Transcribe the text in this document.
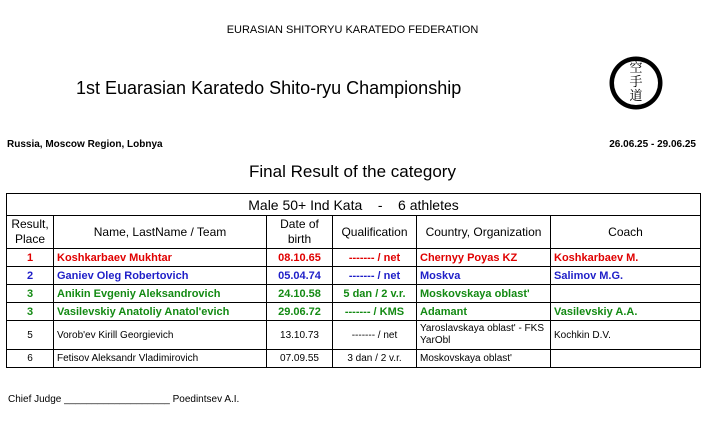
EURASIAN SHITORYU KARATEDO FEDERATION
1st Euarasian Karatedo Shito-ryu Championship
空
手
道
Russia, Moscow Region, Lobnya	26.06.25 - 29.06.25
Final Result of the category
Male 50+ Ind Kata    -    6 athletes					
Result, Place	Name, LastName / Team	Date of birth	Qualification	Country, Organization	Coach
1	Koshkarbaev Mukhtar	08.10.65	------- / net	Chernyy Poyas KZ	Koshkarbaev M.
2	Ganiev Oleg Robertovich	05.04.74	------- / net	Moskva	Salimov M.G.
3	Anikin Evgeniy Aleksandrovich	24.10.58	5 dan / 2 v.r.	Moskovskaya oblast'	
3	Vasilevskiy Anatoliy Anatol'evich	29.06.72	------- / KMS	Adamant	Vasilevskiy A.A.
5	Vorob'ev Kirill Georgievich	13.10.73	------- / net	Yaroslavskaya oblast' - FKS YarObl	Kochkin D.V.
6	Fetisov Aleksandr Vladimirovich	07.09.55	3 dan / 2 v.r.	Moskovskaya oblast'	
Chief Judge ___________________ Poedintsev A.I.
